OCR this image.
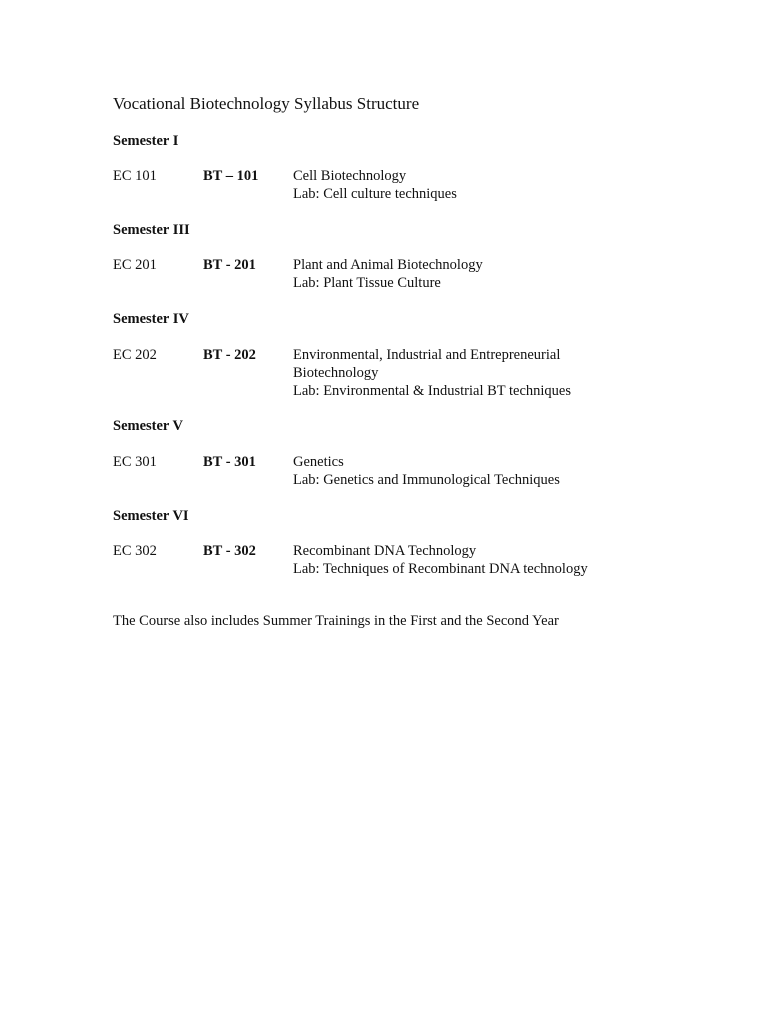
Vocational Biotechnology Syllabus Structure
Semester I
EC 101	BT – 101 Cell Biotechnology
Lab: Cell culture techniques
Semester III
EC 201	BT - 201	Plant and Animal Biotechnology
Lab: Plant Tissue Culture
Semester IV
EC 202	BT - 202	Environmental, Industrial and Entrepreneurial
Biotechnology
Lab: Environmental & Industrial BT techniques
Semester V
EC 301	BT - 301	Genetics
Lab: Genetics and Immunological Techniques
Semester VI
EC 302	BT - 302	Recombinant DNA Technology
Lab: Techniques of Recombinant DNA technology
The Course also includes Summer Trainings in the First and the Second Year
